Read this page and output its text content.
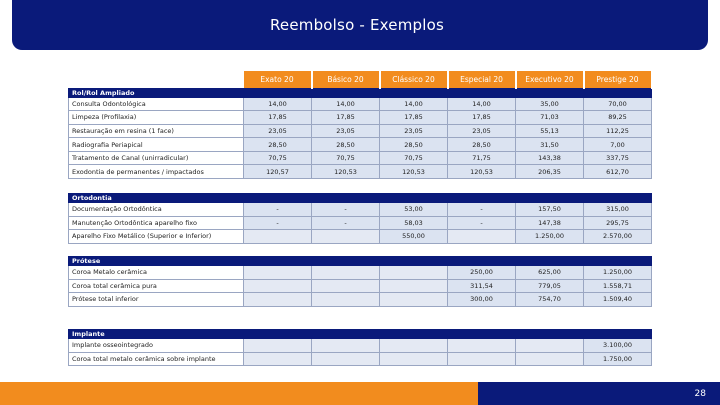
Reembolso - Exemplos
	Exato 20	Básico 20	Clássico 20	Especial 20	Executivo 20	Prestige 20
Rol/Rol Ampliado						
Consulta Odontológica	14,00	14,00	14,00	14,00	35,00	70,00
Limpeza (Profilaxia)	17,85	17,85	17,85	17,85	71,03	89,25
Restauração em resina (1 face)	23,05	23,05	23,05	23,05	55,13	112,25
Radiografia Periapical	28,50	28,50	28,50	28,50	31,50	7,00
Tratamento de Canal (unirradicular)	70,75	70,75	70,75	71,75	143,38	337,75
Exodontia de permanentes / impactados	120,57	120,53	120,53	120,53	206,35	612,70
Ortodontia						
Documentação Ortodôntica	-	-	53,00	-	157,50	315,00
Manutenção Ortodôntica aparelho fixo	-	-	58,03	-	147,38	295,75
Aparelho Fixo Metálico (Superior e Inferior)			550,00		1.250,00	2.570,00
Prótese						
Coroa Metalo cerâmica				250,00	625,00	1.250,00
Coroa total cerâmica pura				311,54	779,05	1.558,71
Prótese total inferior				300,00	754,70	1.509,40
Implante						
Implante osseointegrado						3.100,00
Coroa total metalo cerâmica sobre implante						1.750,00
28
